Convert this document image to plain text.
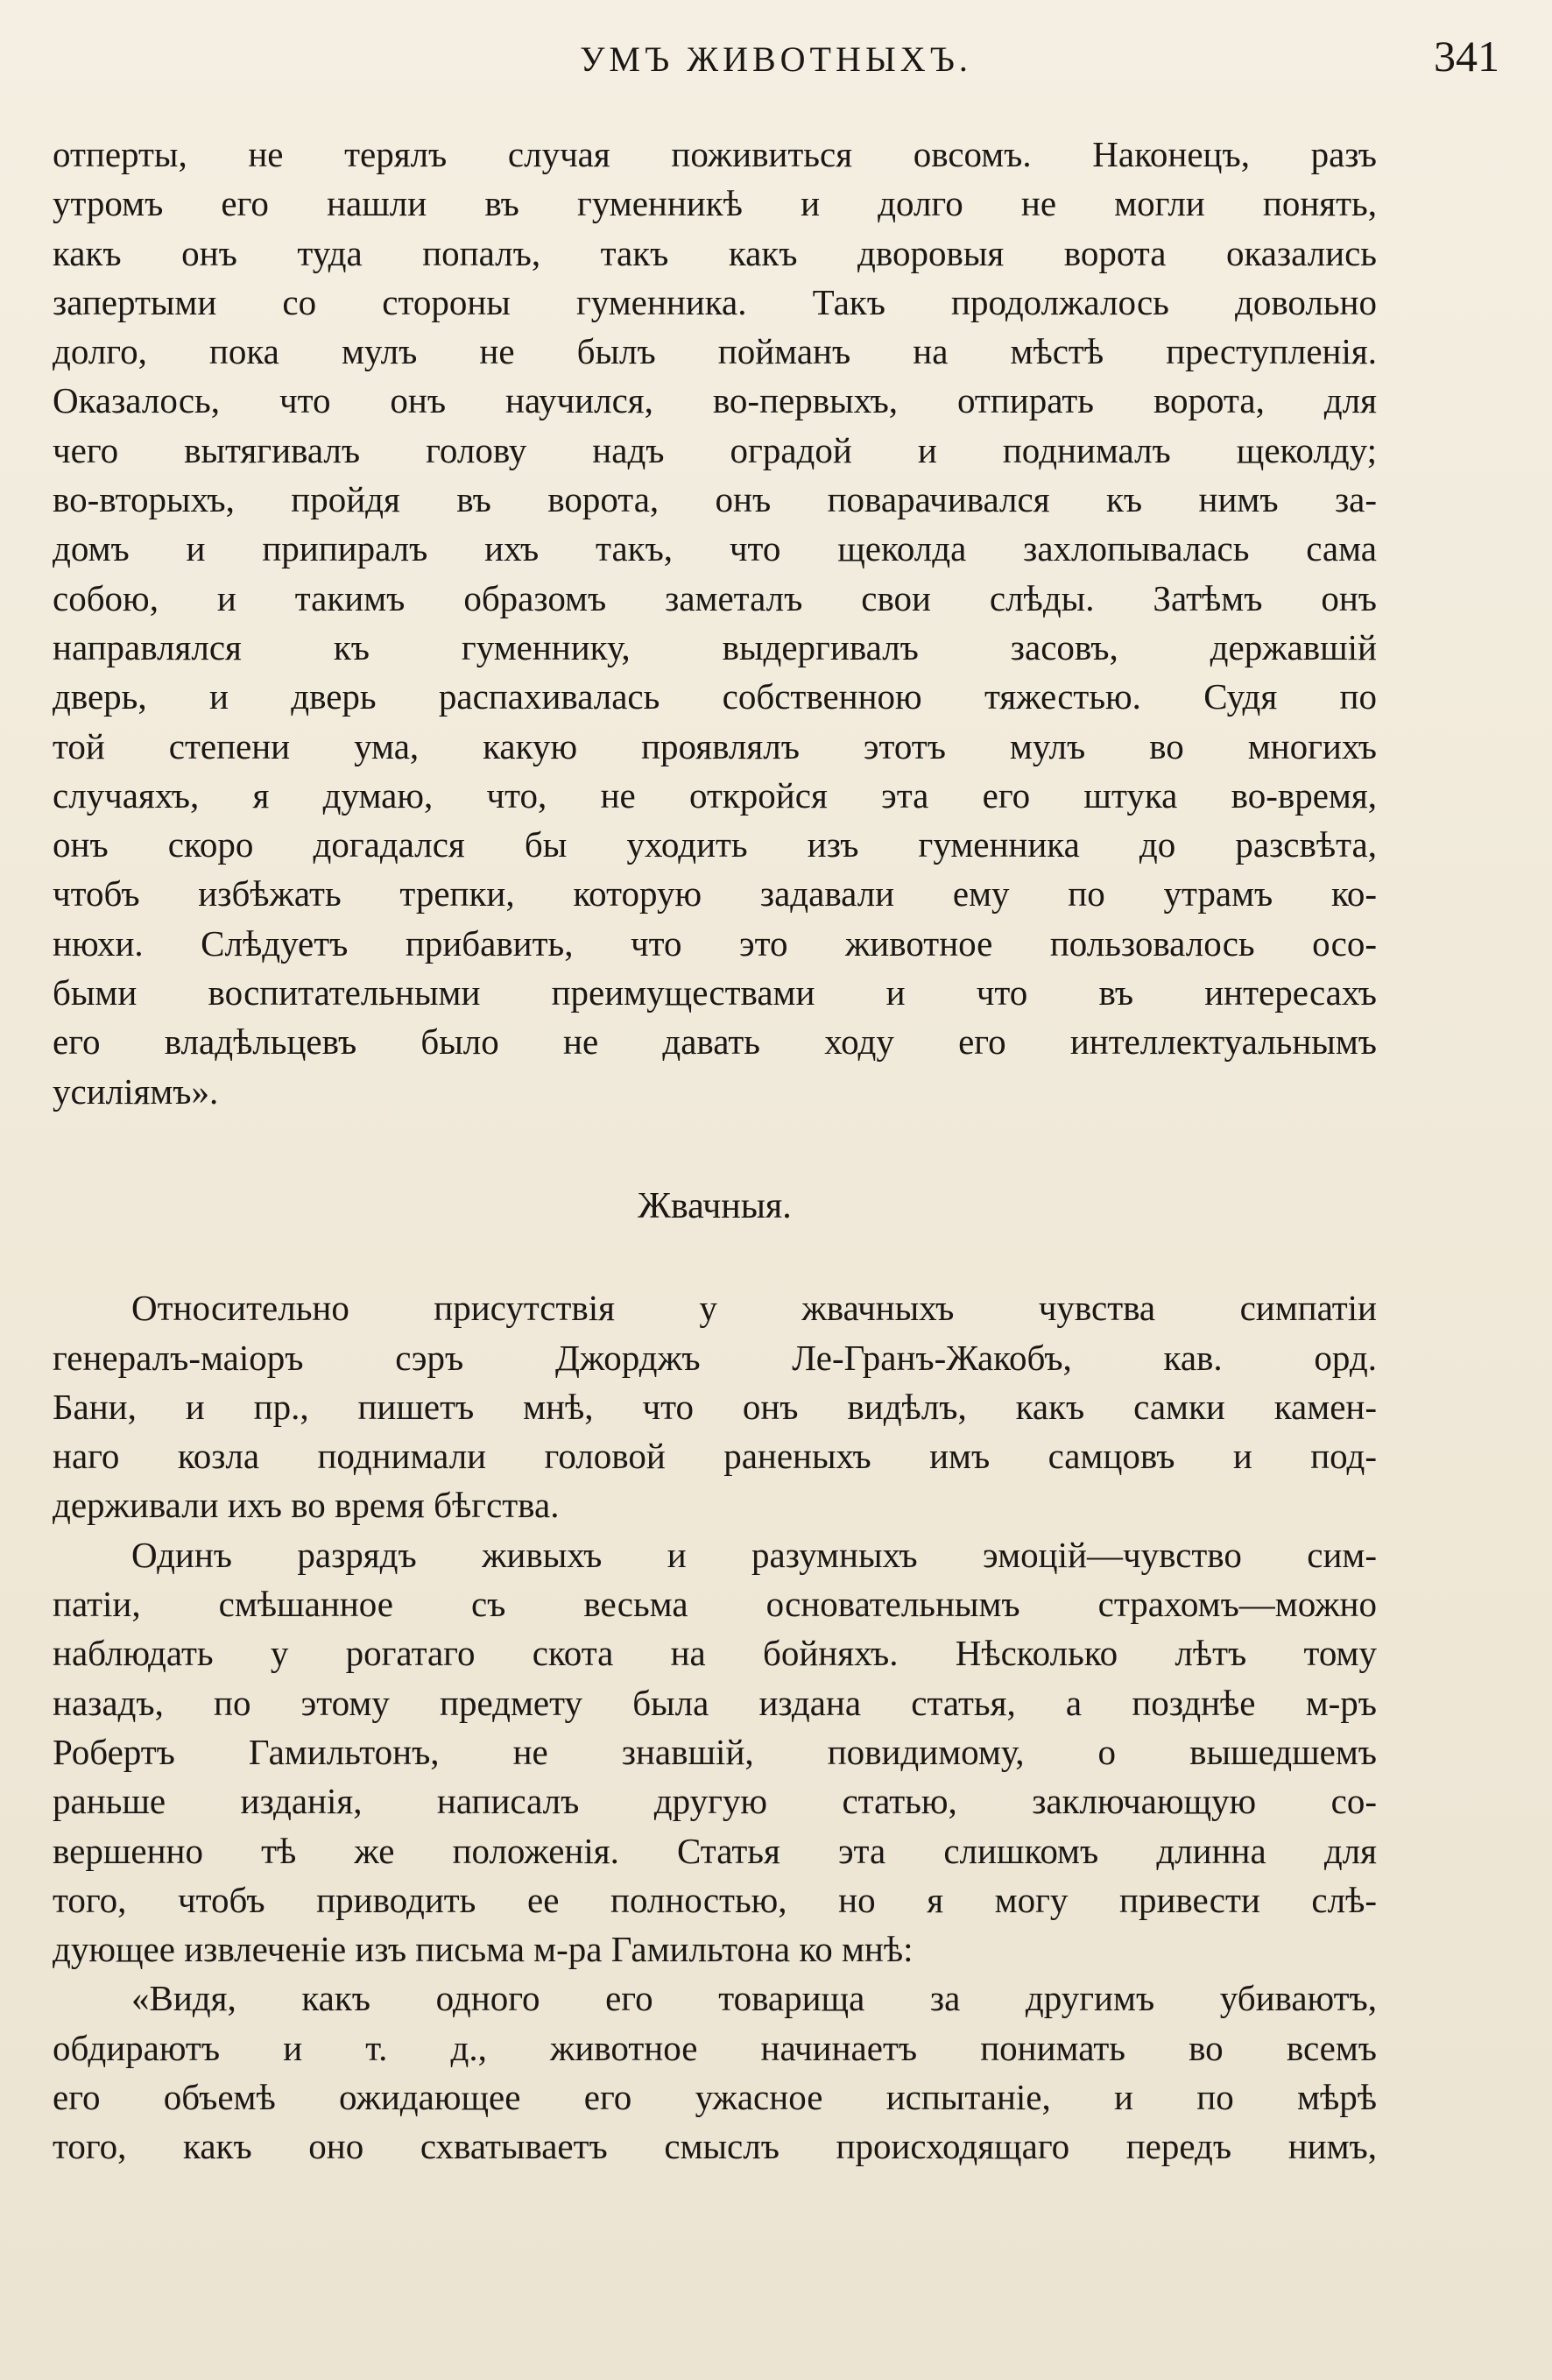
УМЪ ЖИВОТНЫХЪ.	341
отперты, не терялъ случая поживиться овсомъ. Наконецъ, разъ
утромъ его нашли въ гуменникѣ и долго не могли понять,
какъ онъ туда попалъ, такъ какъ дворовыя ворота оказались
запертыми со стороны гуменника. Такъ продолжалось довольно
долго, пока мулъ не былъ пойманъ на мѣстѣ преступленія.
Оказалось, что онъ научился, во-первыхъ, отпирать ворота, для
чего вытягивалъ голову надъ оградой и поднималъ щеколду;
во-вторыхъ, пройдя въ ворота, онъ поварачивался къ нимъ за-
домъ и припиралъ ихъ такъ, что щеколда захлопывалась сама
собою, и такимъ образомъ заметалъ свои слѣды. Затѣмъ онъ
направлялся къ гуменнику, выдергивалъ засовъ, державшій
дверь, и дверь распахивалась собственною тяжестью. Судя по
той степени ума, какую проявлялъ этотъ мулъ во многихъ
случаяхъ, я думаю, что, не откройся эта его штука во-время,
онъ скоро догадался бы уходить изъ гуменника до разсвѣта,
чтобъ избѣжать трепки, которую задавали ему по утрамъ ко-
нюхи. Слѣдуетъ прибавить, что это животное пользовалось осо-
быми воспитательными преимуществами и что въ интересахъ
его владѣльцевъ было не давать ходу его интеллектуальнымъ
усиліямъ».
Жвачныя.
Относительно присутствія у жвачныхъ чувства симпатіи
генералъ-маіоръ сэръ Джорджъ Ле-Гранъ-Жакобъ, кав. орд.
Бани, и пр., пишетъ мнѣ, что онъ видѣлъ, какъ самки камен-
наго козла поднимали головой раненыхъ имъ самцовъ и под-
держивали ихъ во время бѣгства.
Одинъ разрядъ живыхъ и разумныхъ эмоцій—чувство сим-
патіи, смѣшанное съ весьма основательнымъ страхомъ—можно
наблюдать у рогатаго скота на бойняхъ. Нѣсколько лѣтъ тому
назадъ, по этому предмету была издана статья, а позднѣе м-ръ
Робертъ Гамильтонъ, не знавшій, повидимому, о вышедшемъ
раньше изданія, написалъ другую статью, заключающую со-
вершенно тѣ же положенія. Статья эта слишкомъ длинна для
того, чтобъ приводить ее полностью, но я могу привести слѣ-
дующее извлеченіе изъ письма м-ра Гамильтона ко мнѣ:
«Видя, какъ одного его товарища за другимъ убиваютъ,
обдираютъ и т. д., животное начинаетъ понимать во всемъ
его объемѣ ожидающее его ужасное испытаніе, и по мѣрѣ
того, какъ оно схватываетъ смыслъ происходящаго передъ нимъ,
